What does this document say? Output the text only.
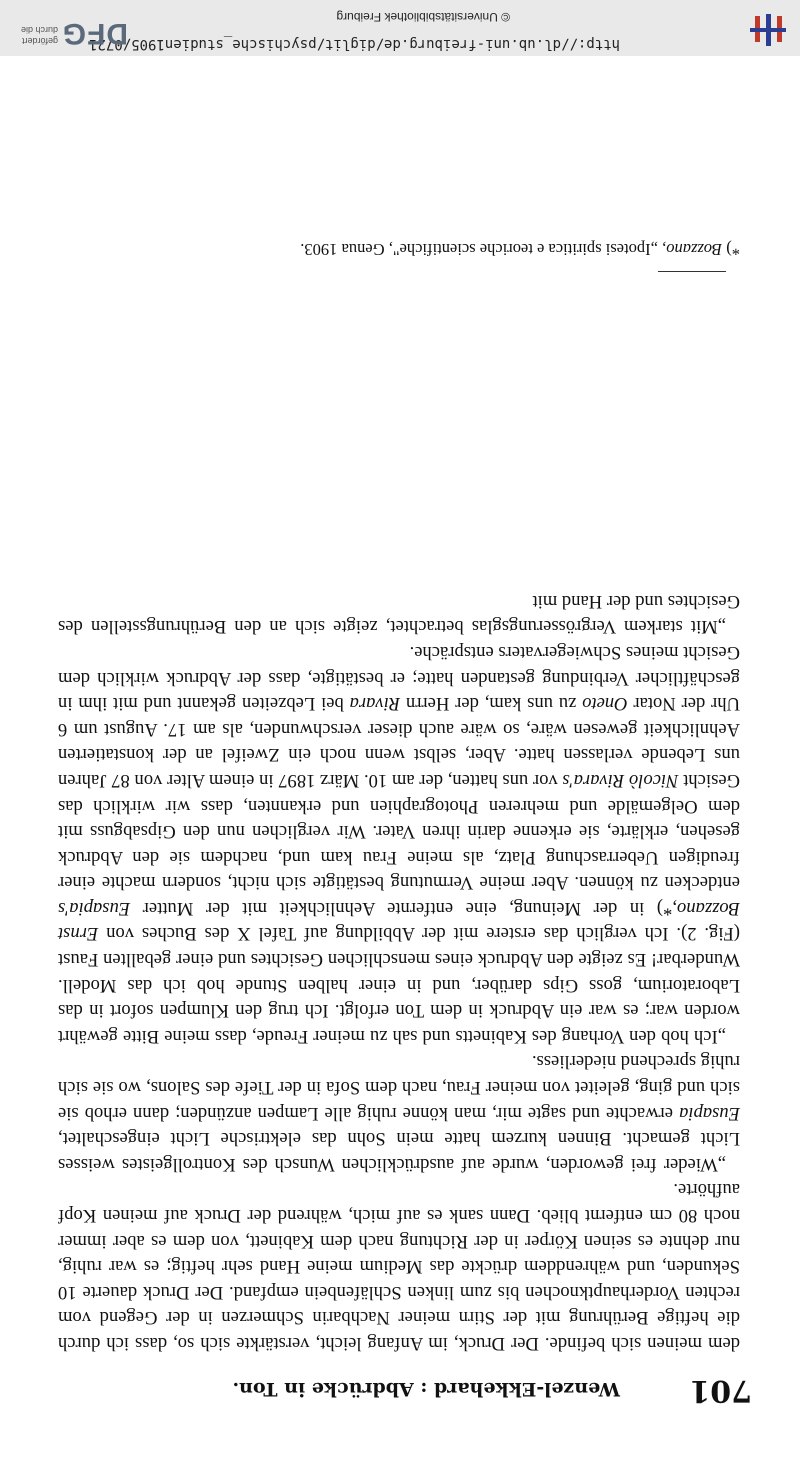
http://dl.ub.uni-freiburg.de/diglit/psychische_studien1905/0721
© Universitätsbibliothek Freiburg
DFG
gefördert durch die

701
Wenzel-Ekkehard : Abdrücke in Ton.

dem meinen sich befinde. Der Druck, im Anfang leicht, verstärkte sich so, dass ich durch die heftige Berührung mit der Stirn meiner Nachbarin Schmerzen in der Gegend vom rechten Vorderhauptknochen bis zum linken Schläfenbein empfand. Der Druck dauerte 10 Sekunden, und währenddem drückte das Medium meine Hand sehr heftig; es war ruhig, nur dehnte es seinen Körper in der Richtung nach dem Kabinett, von dem es aber immer noch 80 cm entfernt blieb. Dann sank es auf mich, während der Druck auf meinen Kopf aufhörte.

„Wieder frei geworden, wurde auf ausdrücklichen Wunsch des Kontrollgeistes weisses Licht gemacht. Binnen kurzem hatte mein Sohn das elektrische Licht eingeschaltet, Eusapia erwachte und sagte mir, man könne ruhig alle Lampen anzünden; dann erhob sie sich und ging, geleitet von meiner Frau, nach dem Sofa in der Tiefe des Salons, wo sie sich ruhig sprechend niederliess.

„Ich hob den Vorhang des Kabinetts und sah zu meiner Freude, dass meine Bitte gewährt worden war; es war ein Abdruck in dem Ton erfolgt. Ich trug den Klumpen sofort in das Laboratorium, goss Gips darüber, und in einer halben Stunde hob ich das Modell. Wunderbar! Es zeigte den Abdruck eines menschlichen Gesichtes und einer geballten Faust (Fig. 2). Ich verglich das erstere mit der Abbildung auf Tafel X des Buches von Ernst Bozzano,*) in der Meinung, eine entfernte Aehnlichkeit mit der Mutter Eusapia's entdecken zu können. Aber meine Vermutung bestätigte sich nicht, sondern machte einer freudigen Ueberraschung Platz, als meine Frau kam und, nachdem sie den Abdruck gesehen, erklärte, sie erkenne darin ihren Vater. Wir verglichen nun den Gipsabguss mit dem Oelgemälde und mehreren Photographien und erkannten, dass wir wirklich das Gesicht Nicolò Rivara's vor uns hatten, der am 10. März 1897 in einem Alter von 87 Jahren uns Lebende verlassen hatte. Aber, selbst wenn noch ein Zweifel an der konstatierten Aehnlichkeit gewesen wäre, so wäre auch dieser verschwunden, als am 17. August um 6 Uhr der Notar Oneto zu uns kam, der Herrn Rivara bei Lebzeiten gekannt und mit ihm in geschäftlicher Verbindung gestanden hatte; er bestätigte, dass der Abdruck wirklich dem Gesicht meines Schwiegervaters entspräche.

„Mit starkem Vergrösserungsglas betrachtet, zeigte sich an den Berührungsstellen des Gesichtes und der Hand mit

*) Bozzano, „Ipotesi spiritica e teoriche scientifiche", Genua 1903.
